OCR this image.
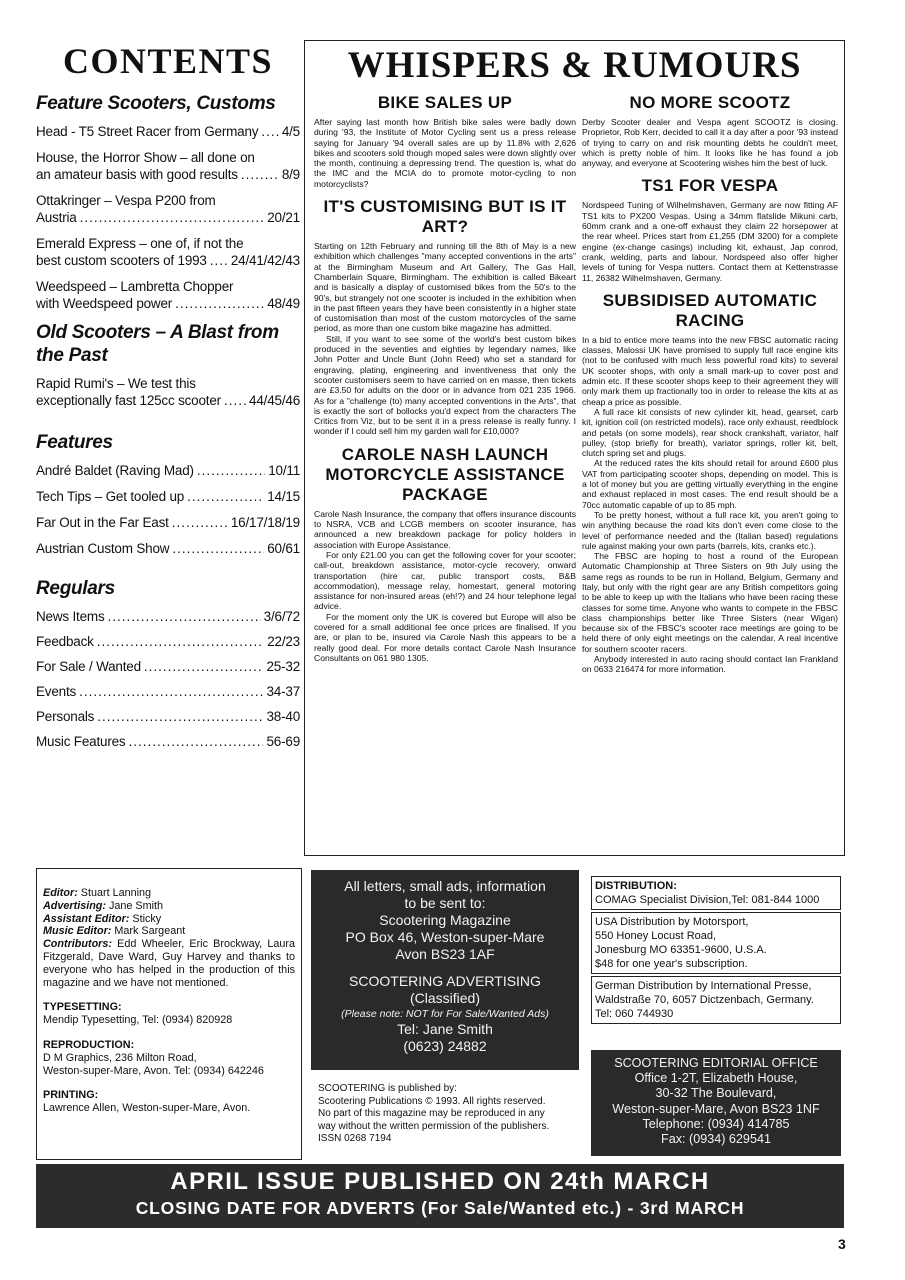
CONTENTS
Feature Scooters, Customs
Head - T5 Street Racer from Germany ..... 4/5
House, the Horror Show – all done on
an amateur basis with good results .....	8/9
Ottakringer – Vespa P200 from
Austria .....	20/21
Emerald Express – one of, if not the
best custom scooters of 1993 ..... 24/41/42/43
Weedspeed – Lambretta Chopper
with Weedspeed power .....	48/49
Old Scooters – A Blast from the Past
Rapid Rumi's – We test this
exceptionally fast 125cc scooter ..... 44/45/46
Features
André Baldet (Raving Mad) .....	10/11
Tech Tips – Get tooled up .....	14/15
Far Out in the Far East .....	16/17/18/19
Austrian Custom Show .....	60/61
Regulars
News Items .....	3/6/72
Feedback .....	22/23
For Sale / Wanted .....	25-32
Events .....	34-37
Personals .....	38-40
Music Features .....	56-69
WHISPERS & RUMOURS
BIKE SALES UP

After saying last month how British bike sales were badly down during '93, the Institute of Motor Cycling sent us a press release saying for January '94 overall sales are up by 11.8% with 2,626 bikes and scooters sold though moped sales were down slightly over the month, continuing a depressing trend. The question is, what do the IMC and the MCIA do to promote motor-cycling to non motorcyclists?

IT'S CUSTOMISING BUT IS IT ART?

Starting on 12th February and running till the 8th of May is a new exhibition which challenges "many accepted conventions in the arts" at the Birmingham Museum and Art Gallery, The Gas Hall, Chamberlain Square, Birmingham. The exhibition is called Bikeart and is basically a display of customised bikes from the 50's to the 90's, but strangely not one scooter is included in the exhibition when in the past fifteen years they have been consistently in a higher state of customisation than most of the custom motorcycles of the same period, as more than one custom bike magazine has admitted.

Still, if you want to see some of the world's best custom bikes produced in the seventies and eighties by legendary names, like John Potter and Uncle Bunt (John Reed) who set a standard for engraving, plating, engineering and inventiveness that only the scooter customisers seem to have carried on en masse, then tickets are £3.50 for adults on the door or in advance from 021 235 1966. As for a "challenge (to) many accepted conventions in the Arts", that is exactly the sort of bollocks you'd expect from the characters The Critics from Viz, but to be sent it in a press release is really funny. I wonder if I could sell him my garden wall for £10,000?

CAROLE NASH LAUNCH MOTORCYCLE ASSISTANCE PACKAGE

Carole Nash Insurance, the company that offers insurance discounts to NSRA, VCB and LCGB members on scooter insurance, has announced a new breakdown package for policy holders in association with Europe Assistance.

For only £21.00 you can get the following cover for your scooter; call-out, breakdown assistance, motor-cycle recovery, onward transportation (hire car, public transport costs, B&B accommodation), message relay, homestart, general motoring assistance for non-insured areas (eh!?) and 24 hour telephone legal advice.

For the moment only the UK is covered but Europe will also be covered for a small additional fee once prices are finalised. If you are, or plan to be, insured via Carole Nash this appears to be a really good deal. For more details contact Carole Nash Insurance Consultants on 061 980 1305.

NO MORE SCOOTZ

Derby Scooter dealer and Vespa agent SCOOTZ is closing. Proprietor, Rob Kerr, decided to call it a day after a poor '93 instead of trying to carry on and risk mounting debts he couldn't meet, which is pretty noble of him. It looks like he has found a job anyway, and everyone at Scootering wishes him the best of luck.

TS1 FOR VESPA

Nordspeed Tuning of Wilhelmshaven, Germany are now fitting AF TS1 kits to PX200 Vespas. Using a 34mm flatslide Mikuni carb, 60mm crank and a one-off exhaust they claim 22 horsepower at the rear wheel. Prices start from £1,255 (DM 3200) for a complete engine (ex-change casings) including kit, exhaust, Jap conrod, crank, welding, parts and labour. Nordspeed also offer higher levels of tuning for Vespa nutters. Contact them at Kettenstrasse 11, 26382 Wilhelmshaven, Germany.

SUBSIDISED AUTOMATIC RACING

In a bid to entice more teams into the new FBSC automatic racing classes, Malossi UK have promised to supply full race engine kits (not to be confused with much less powerful road kits) to several UK scooter shops, with only a small mark-up to cover post and admin etc. If these scooter shops keep to their agreement they will only mark them up fractionally too in order to release the kits at as cheap a price as possible.

A full race kit consists of new cylinder kit, head, gearset, carb kit, ignition coil (on restricted models), race only exhaust, reedblock and petals (on some models), rear shock crankshaft, variator, half pulley, (stop briefly for breath), variator springs, roller kit, belt, clutch spring set and plugs.

At the reduced rates the kits should retail for around £600 plus VAT from participating scooter shops, depending on model. This is a lot of money but you are getting virtually everything in the engine and exhaust replaced in most cases. The end result should be a 70cc automatic capable of up to 85 mph.

To be pretty honest, without a full race kit, you aren't going to win anything because the road kits don't even come close to the level of performance needed and the (Italian based) regulations rule against making your own parts (barrels, kits, cranks etc.).

The FBSC are hoping to host a round of the European Automatic Championship at Three Sisters on 9th July using the same regs as rounds to be run in Holland, Belgium, Germany and Italy, but only with the right gear are any British competitors going to be able to keep up with the Italians who have been racing these classes for some time. Anyone who wants to compete in the FBSC class championships better like Three Sisters (near Wigan) because six of the FBSC's scooter race meetings are going to be held there of only eight meetings on the calendar. A real incentive for southern scooter racers.

Anybody interested in auto racing should contact Ian Frankland on 0633 216474 for more information.

Editor: Stuart Lanning

Advertising: Jane Smith

Assistant Editor: Sticky

Music Editor: Mark Sargeant

Contributors: Edd Wheeler, Eric Brockway, Laura Fitzgerald, Dave Ward, Guy Harvey and thanks to everyone who has helped in the production of this magazine and we have not mentioned.

TYPESETTING:

Mendip Typesetting, Tel: (0934) 820928

REPRODUCTION:

D M Graphics, 236 Milton Road,

Weston-super-Mare, Avon. Tel: (0934) 642246

PRINTING:

Lawrence Allen, Weston-super-Mare, Avon.

All letters, small ads, information

to be sent to:

Scootering Magazine

PO Box 46, Weston-super-Mare

Avon BS23 1AF

SCOOTERING ADVERTISING

(Classified)

(Please note: NOT for For Sale/Wanted Ads)

Tel: Jane Smith

(0623) 24882

SCOOTERING is published by:

Scootering Publications © 1993. All rights reserved.

No part of this magazine may be reproduced in any

way without the written permission of the publishers.

ISSN 0268 7194

DISTRIBUTION:

COMAG Specialist Division,Tel: 081-844 1000

USA Distribution by Motorsport,

550 Honey Locust Road,

Jonesburg MO 63351-9600, U.S.A.

$48 for one year's subscription.

German Distribution by International Presse,

Waldstraße 70, 6057 Dictzenbach, Germany.

Tel: 060 744930

SCOOTERING EDITORIAL OFFICE

Office 1-2T, Elizabeth House,

30-32 The Boulevard,

Weston-super-Mare, Avon BS23 1NF

Telephone: (0934) 414785

Fax: (0934) 629541

APRIL ISSUE PUBLISHED ON 24th MARCH
CLOSING DATE FOR ADVERTS (For Sale/Wanted etc.) - 3rd MARCH
3
